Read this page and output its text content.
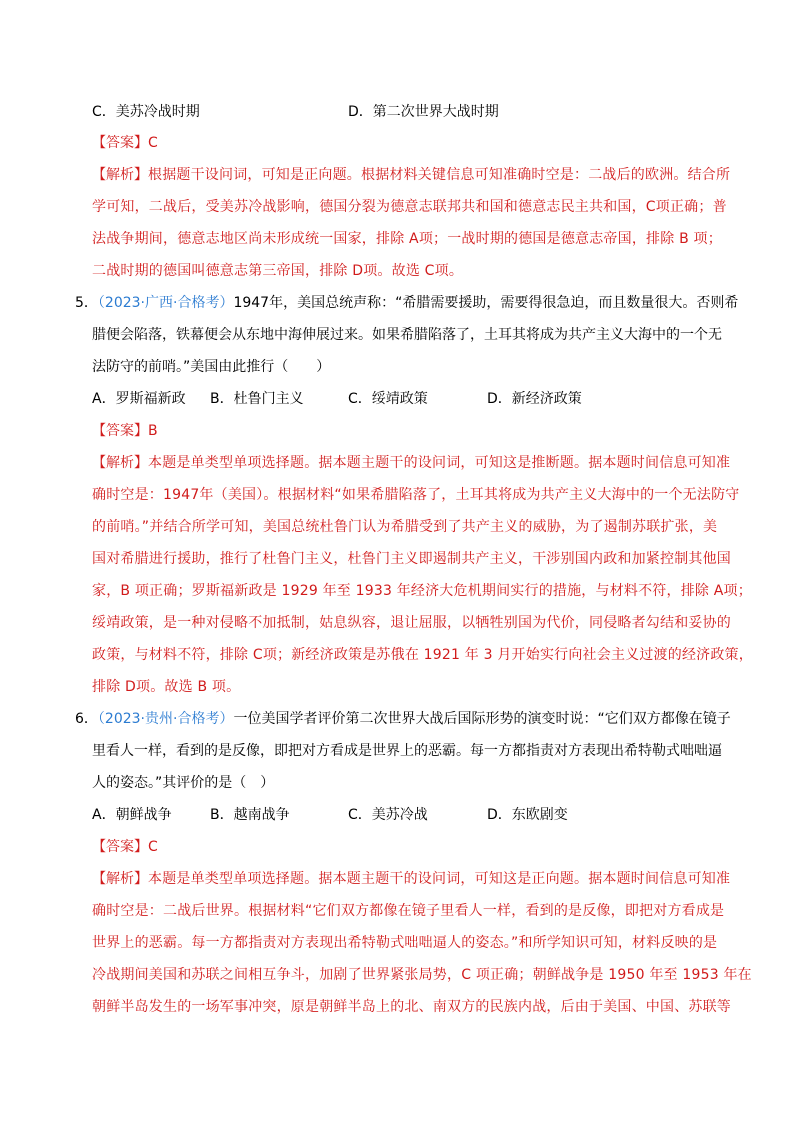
C．美苏冷战时期	D．第二次世界大战时期
【答案】C
【解析】根据题干设问词，可知是正向题。根据材料关键信息可知准确时空是：二战后的欧洲。结合所
学可知，二战后，受美苏冷战影响，德国分裂为德意志联邦共和国和德意志民主共和国，C项正确；普
法战争期间，德意志地区尚未形成统一国家，排除 A项；一战时期的德国是德意志帝国，排除 B 项；
二战时期的德国叫德意志第三帝国，排除 D项。故选 C项。
5．（2023·广西·合格考）1947年，美国总统声称：“希腊需要援助，需要得很急迫，而且数量很大。否则希
腊便会陷落，铁幕便会从东地中海伸展过来。如果希腊陷落了，土耳其将成为共产主义大海中的一个无
法防守的前哨。”美国由此推行（　　）
A．罗斯福新政 B．杜鲁门主义	C．绥靖政策	D．新经济政策
【答案】B
【解析】本题是单类型单项选择题。据本题主题干的设问词，可知这是推断题。据本题时间信息可知准
确时空是：1947年（美国）。根据材料“如果希腊陷落了，土耳其将成为共产主义大海中的一个无法防守
的前哨。”并结合所学可知，美国总统杜鲁门认为希腊受到了共产主义的威胁，为了遏制苏联扩张，美
国对希腊进行援助，推行了杜鲁门主义，杜鲁门主义即遏制共产主义，干涉别国内政和加紧控制其他国
家，B 项正确；罗斯福新政是 1929 年至 1933 年经济大危机期间实行的措施，与材料不符，排除 A项；
绥靖政策，是一种对侵略不加抵制，姑息纵容，退让屈服，以牺牲别国为代价，同侵略者勾结和妥协的
政策，与材料不符，排除 C项；新经济政策是苏俄在 1921 年 3 月开始实行向社会主义过渡的经济政策，
排除 D项。故选 B 项。
6．（2023·贵州·合格考）一位美国学者评价第二次世界大战后国际形势的演变时说：“它们双方都像在镜子
里看人一样，看到的是反像，即把对方看成是世界上的恶霸。每一方都指责对方表现出希特勒式咄咄逼
人的姿态。”其评价的是（　）
A．朝鲜战争	B．越南战争	C．美苏冷战	D．东欧剧变
【答案】C
【解析】本题是单类型单项选择题。据本题主题干的设问词，可知这是正向题。据本题时间信息可知准
确时空是：二战后世界。根据材料“它们双方都像在镜子里看人一样，看到的是反像，即把对方看成是
世界上的恶霸。每一方都指责对方表现出希特勒式咄咄逼人的姿态。”和所学知识可知，材料反映的是
冷战期间美国和苏联之间相互争斗，加剧了世界紧张局势，C 项正确；朝鲜战争是 1950 年至 1953 年在
朝鲜半岛发生的一场军事冲突，原是朝鲜半岛上的北、南双方的民族内战，后由于美国、中国、苏联等
